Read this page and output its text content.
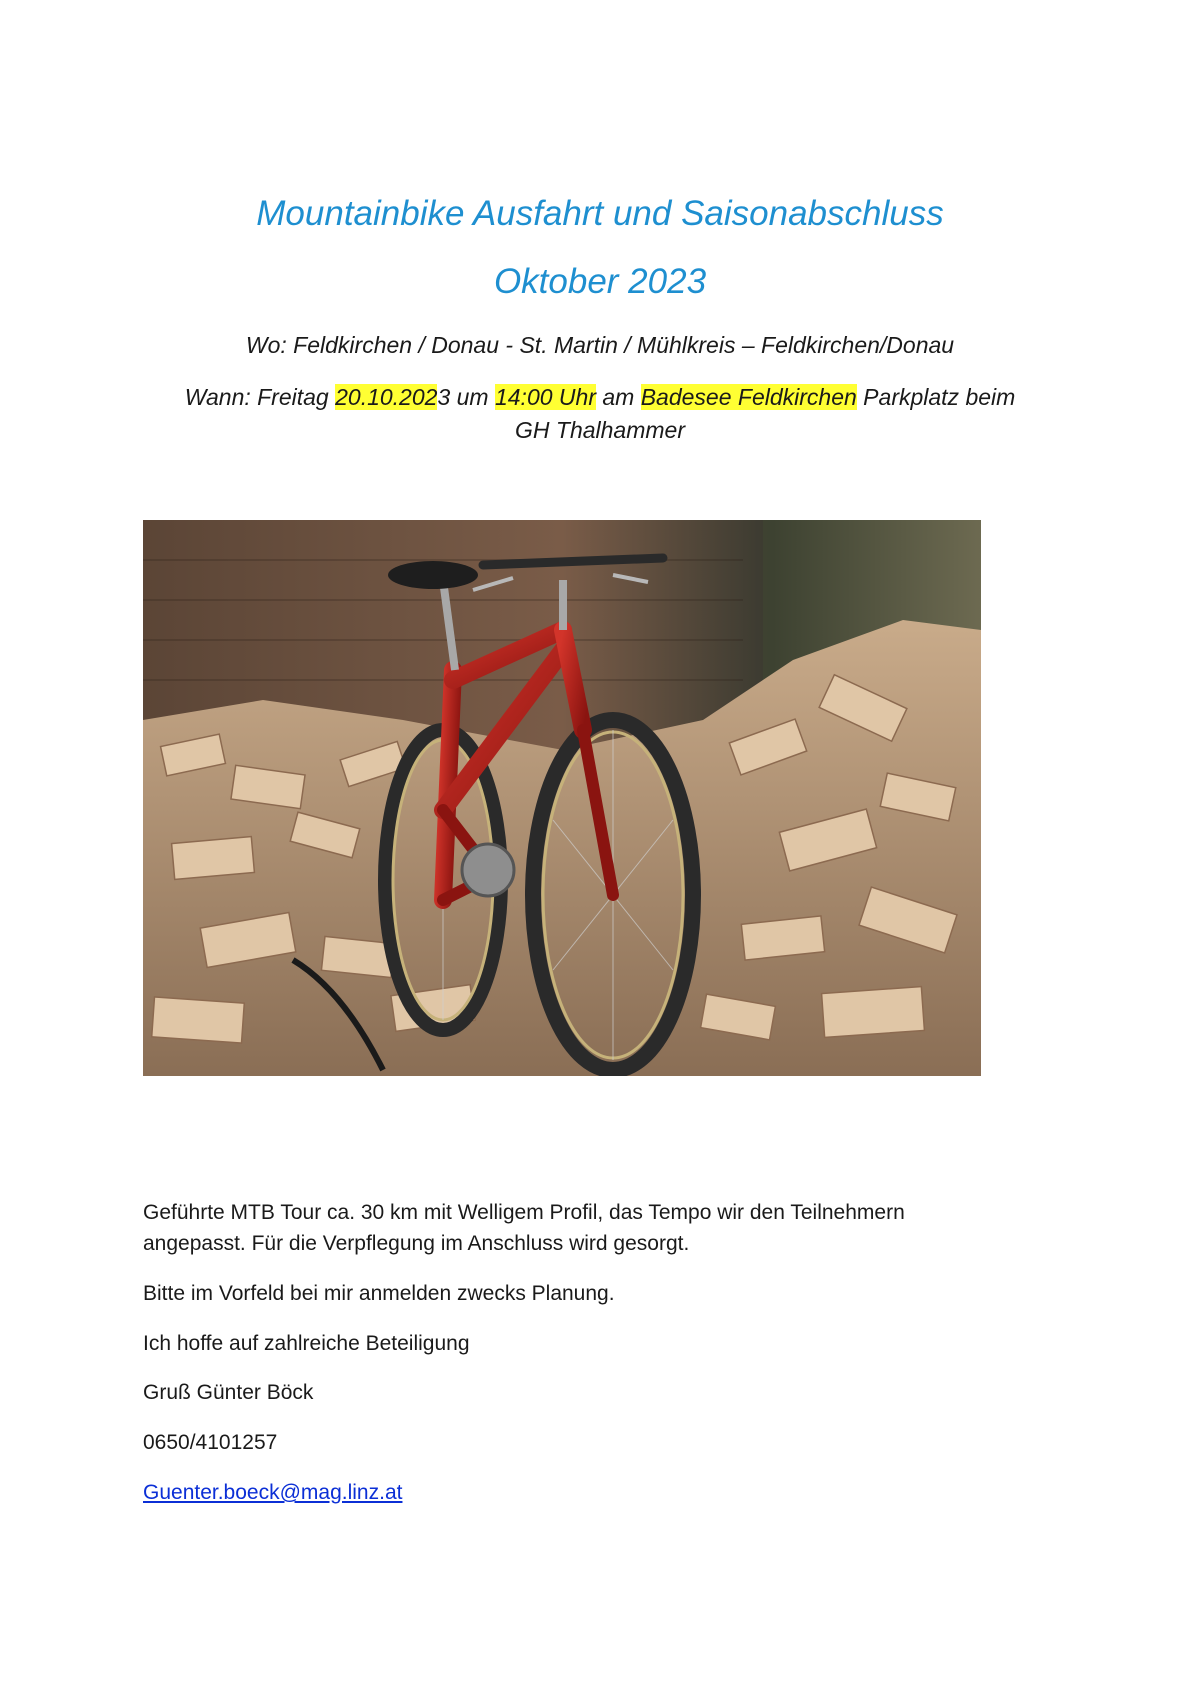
Mountainbike Ausfahrt und Saisonabschluss
Oktober 2023

Wo: Feldkirchen / Donau - St. Martin / Mühlkreis – Feldkirchen/Donau

Wann: Freitag 20.10.2023 um 14:00 Uhr am Badesee Feldkirchen Parkplatz beim
GH Thalhammer

Geführte MTB Tour ca. 30 km mit Welligem Profil, das Tempo wir den Teilnehmern
angepasst. Für die Verpflegung im Anschluss wird gesorgt.

Bitte im Vorfeld bei mir anmelden zwecks Planung.

Ich hoffe auf zahlreiche Beteiligung

Gruß Günter Böck

0650/4101257

Guenter.boeck@mag.linz.at
